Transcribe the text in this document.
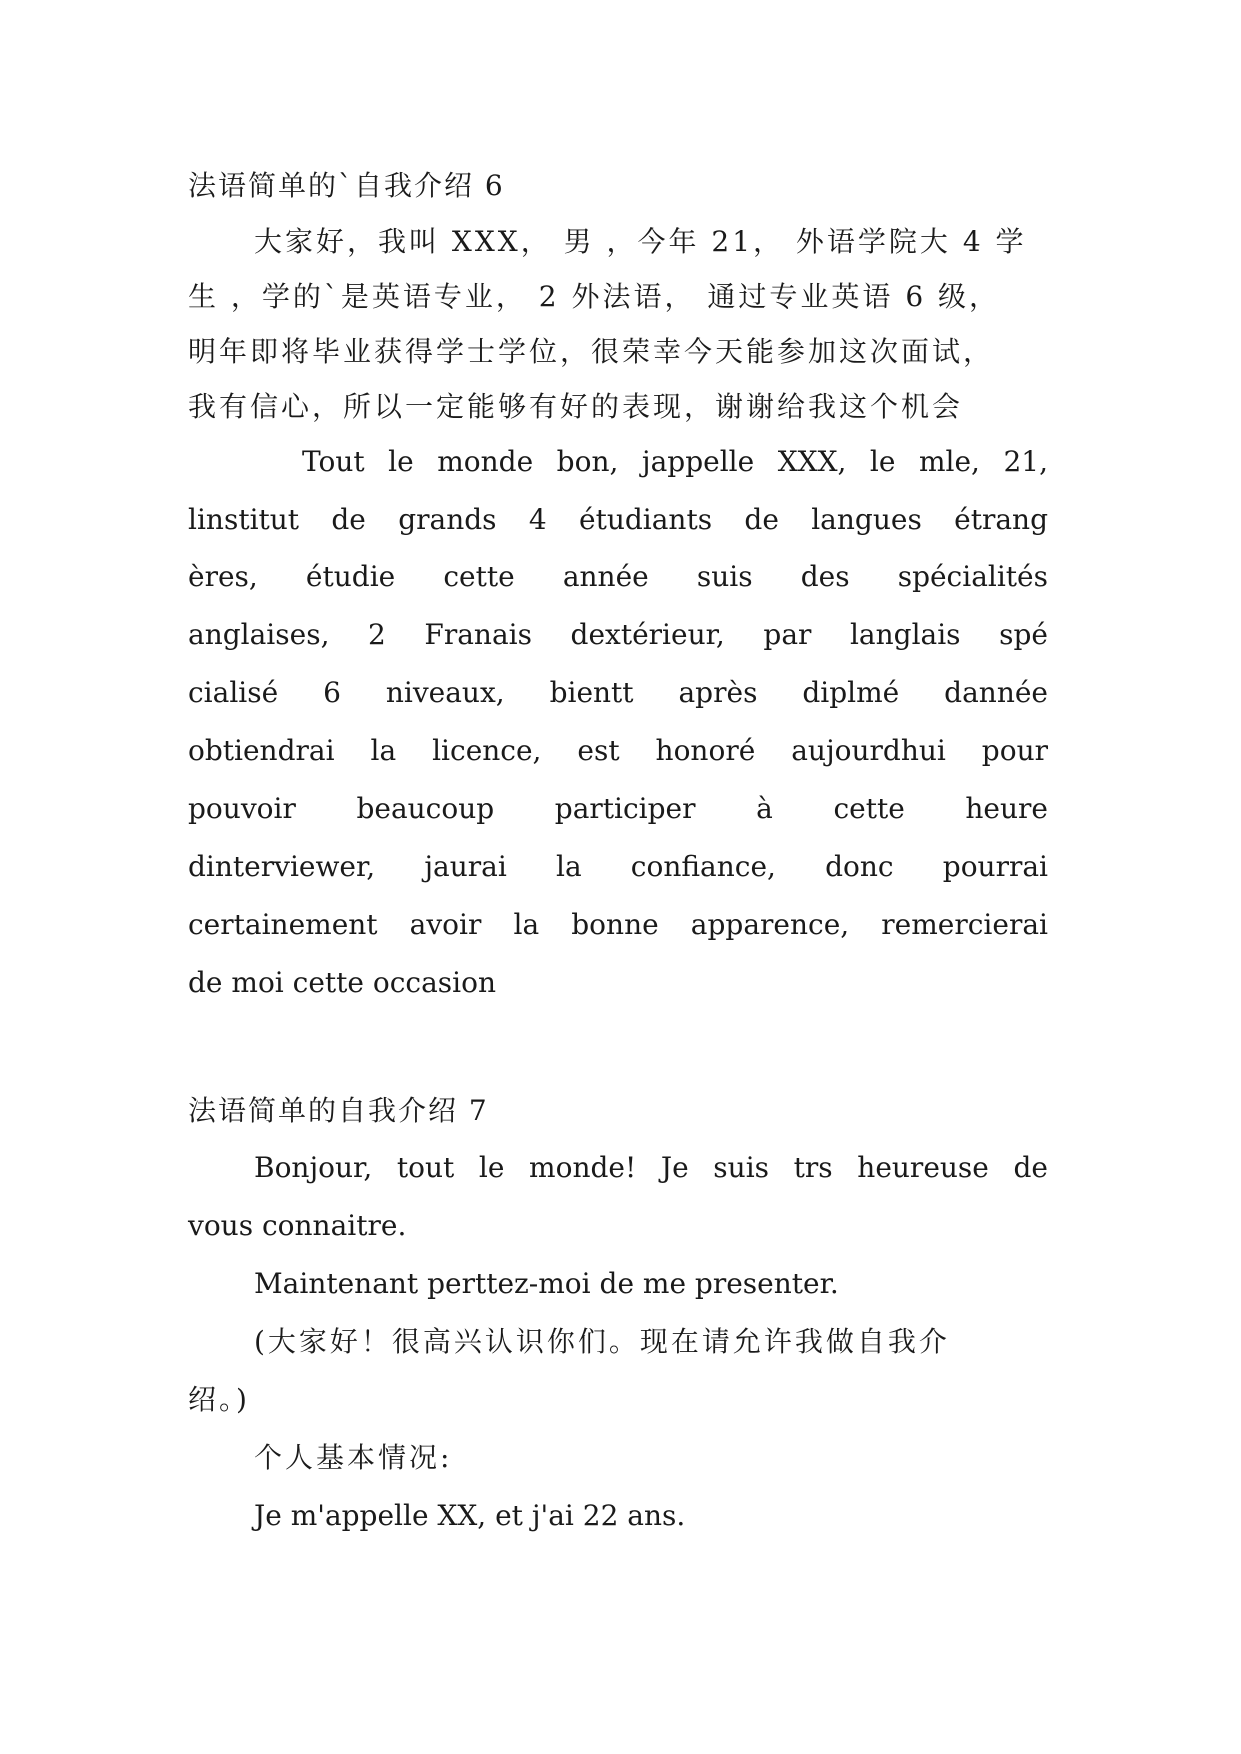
法语简单的`自我介绍 6

大家好，我叫 XXX， 男 ，今年 21， 外语学院大 4 学

生 ，学的`是英语专业， 2 外法语， 通过专业英语 6 级，

明年即将毕业获得学士学位，很荣幸今天能参加这次面试，

我有信心，所以一定能够有好的表现，谢谢给我这个机会

Tout le monde bon, jappelle XXX, le mle, 21,

linstitut de grands 4 étudiants de langues étrang

ères, étudie cette année suis des spécialités

anglaises, 2 Franais dextérieur, par langlais spé

cialisé 6 niveaux, bientt après diplmé dannée

obtiendrai la licence, est honoré aujourdhui pour

pouvoir beaucoup participer à cette heure

dinterviewer, jaurai la confiance, donc pourrai

certainement avoir la bonne apparence, remercierai

de moi cette occasion

法语简单的自我介绍 7

Bonjour, tout le monde! Je suis trs heureuse de

vous connaitre.

Maintenant perttez-moi de me presenter.

(大家好！很高兴认识你们。现在请允许我做自我介

绍。)

个人基本情况:

Je m'appelle XX, et j'ai 22 ans.
